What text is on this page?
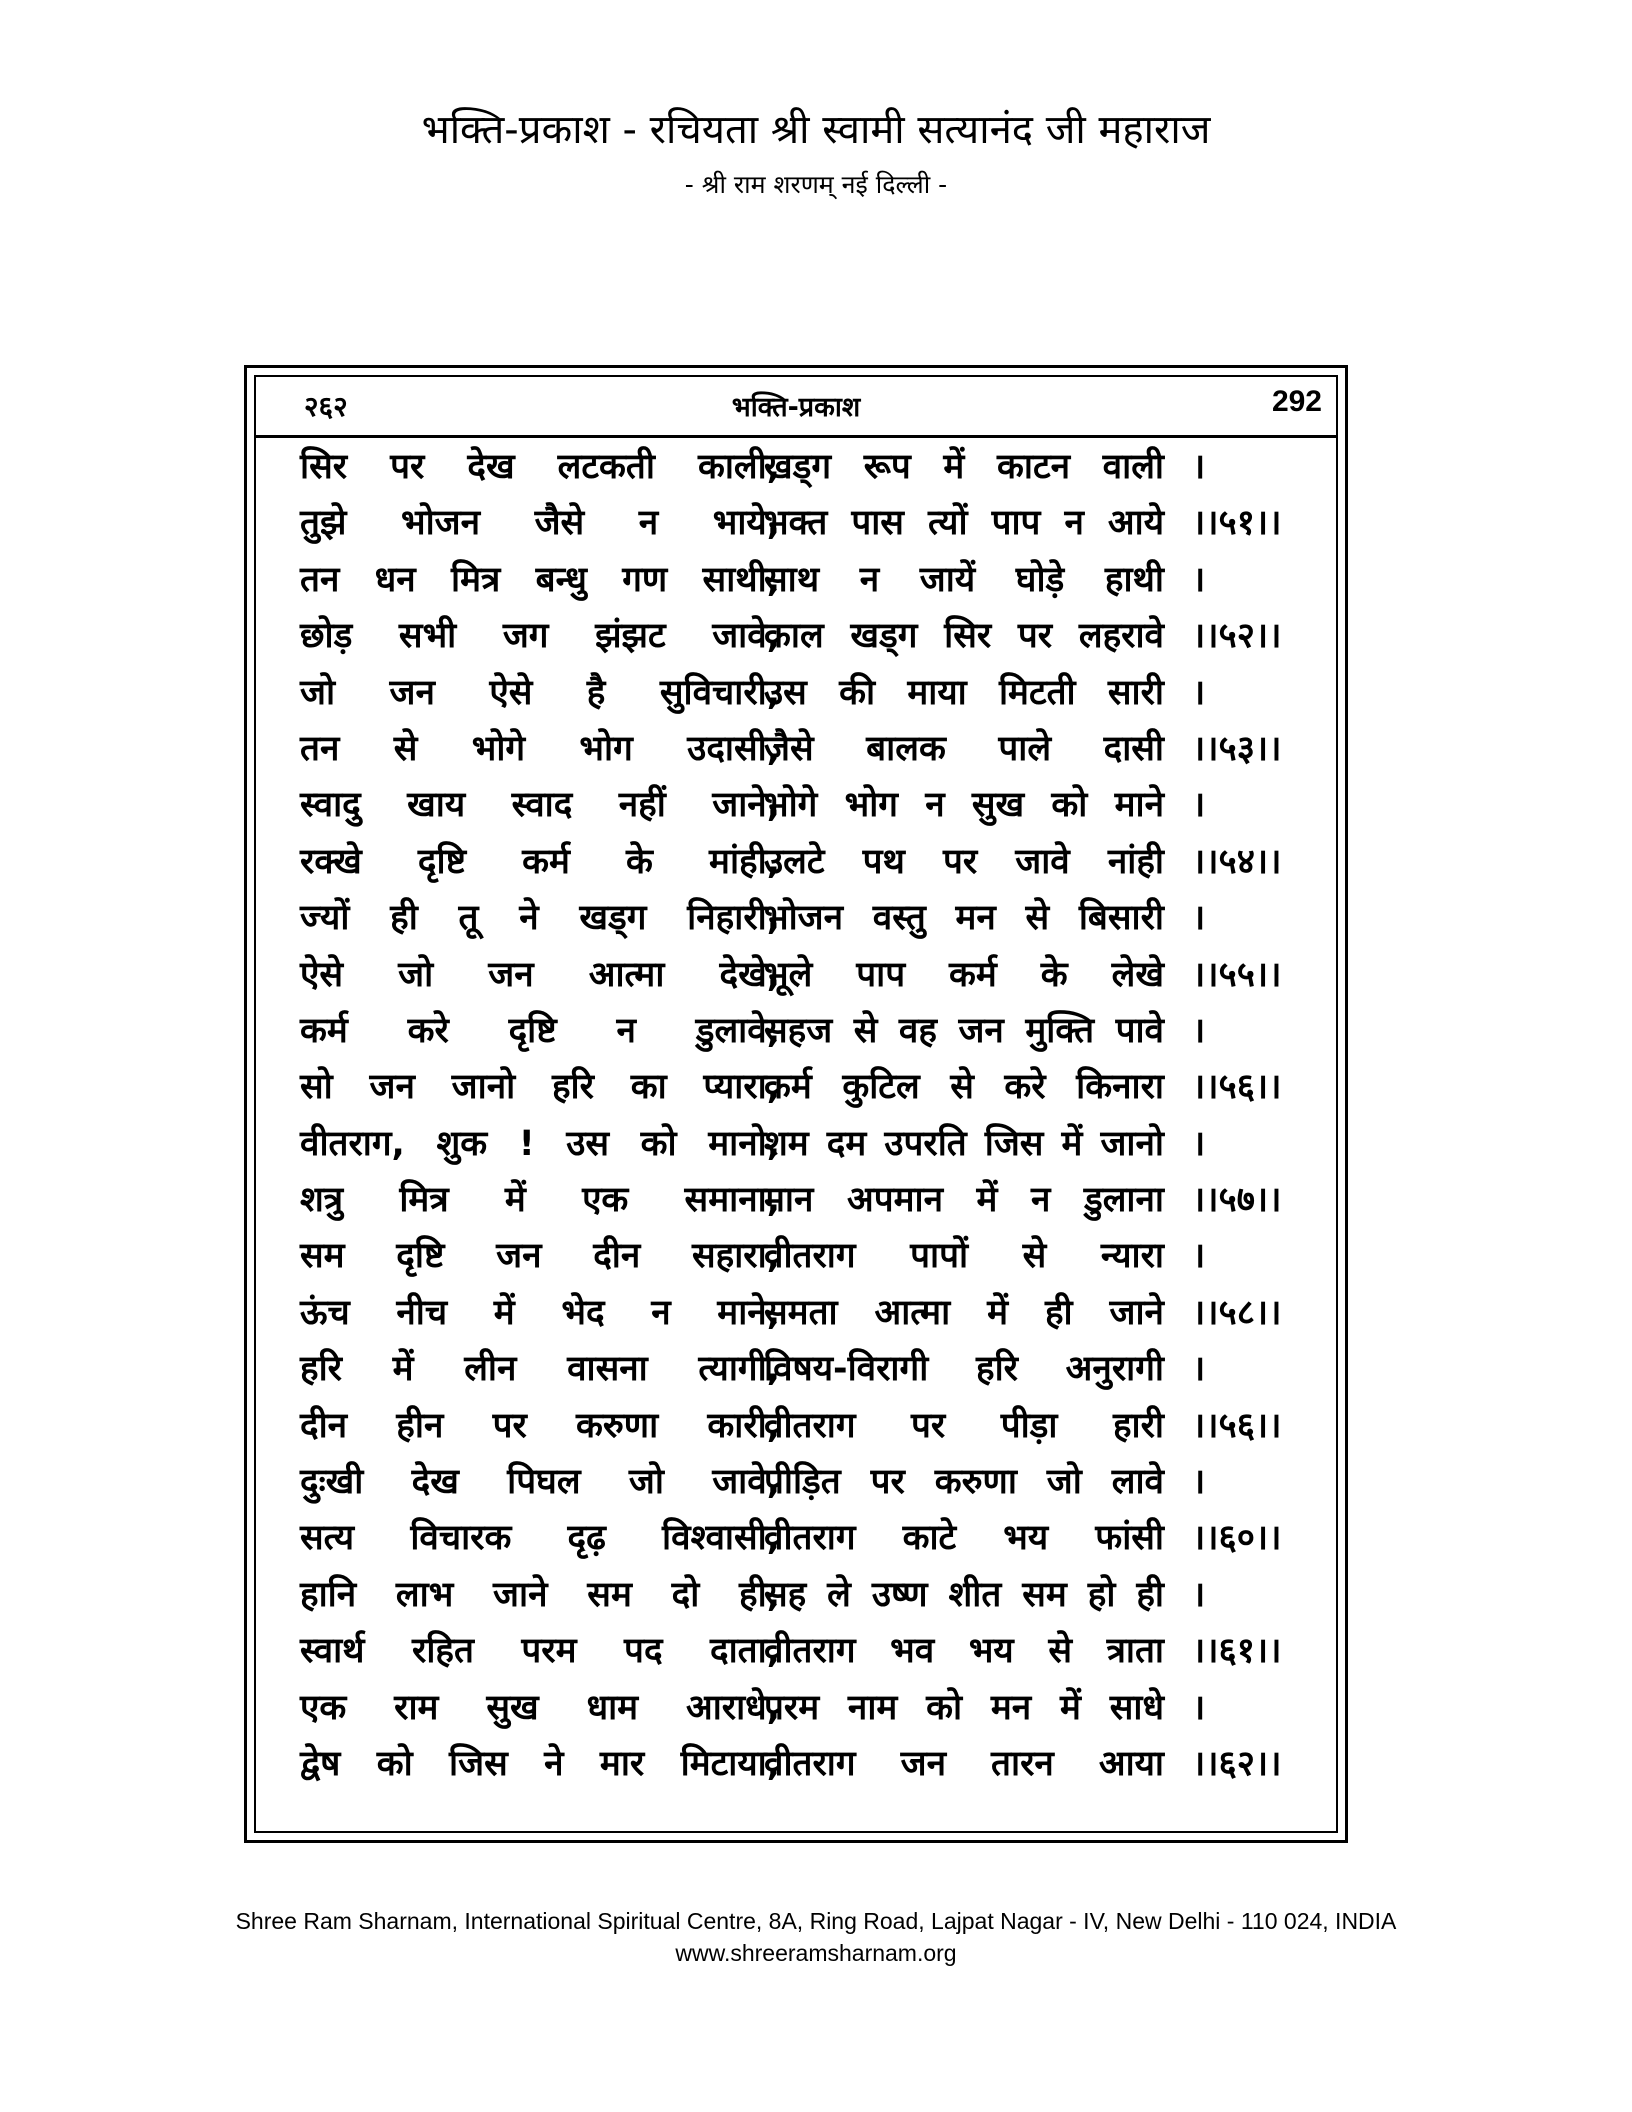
भक्ति-प्रकाश - रचियता श्री स्वामी सत्यानंद जी महाराज
- श्री राम शरणम् नई दिल्ली -
२६२	भक्ति-प्रकाश	292
सिर पर देख लटकती काली,
खड्ग रूप में काटन वाली ।
तुझे भोजन जैसे न भाये,
भक्त पास त्यों पाप न आये ।।५१।।
तन धन मित्र बन्धु गण साथी,
साथ न जायें घोड़े हाथी ।
छोड़ सभी जग झंझट जावे,
काल खड्ग सिर पर लहरावे ।।५२।।
जो जन ऐसे है सुविचारी,
उस की माया मिटती सारी ।
तन से भोगे भोग उदासी,
जैसे बालक पाले दासी ।।५३।।
स्वादु खाय स्वाद नहीं जाने,
भोगे भोग न सुख को माने ।
रक्खे दृष्टि कर्म के मांही,
उलटे पथ पर जावे नांही ।।५४।।
ज्यों ही तू ने खड्ग निहारी,
भोजन वस्तु मन से बिसारी ।
ऐसे जो जन आत्मा देखे,
भूले पाप कर्म के लेखे ।।५५।।
कर्म करे दृष्टि न डुलावे,
सहज से वह जन मुक्ति पावे ।
सो जन जानो हरि का प्यारा,
कर्म कुटिल से करे किनारा ।।५६।।
वीतराग, शुक ! उस को मानो,
शम दम उपरति जिस में जानो ।
शत्रु मित्र में एक समाना,
मान अपमान में न डुलाना ।।५७।।
सम दृष्टि जन दीन सहारा,
वीतराग पापों से न्यारा ।
ऊंच नीच में भेद न माने,
समता आत्मा में ही जाने ।।५८।।
हरि में लीन वासना त्यागी,
विषय-विरागी हरि अनुरागी ।
दीन हीन पर करुणा कारी,
वीतराग पर पीड़ा हारी ।।५६।।
दुःखी देख पिघल जो जावे,
पीड़ित पर करुणा जो लावे ।
सत्य विचारक दृढ़ विश्वासी,
वीतराग काटे भय फांसी ।।६०।।
हानि लाभ जाने सम दो ही,
सह ले उष्ण शीत सम हो ही ।
स्वार्थ रहित परम पद दाता,
वीतराग भव भय से त्राता ।।६१।।
एक राम सुख धाम आराधे,
परम नाम को मन में साधे ।
द्वेष को जिस ने मार मिटाया,
वीतराग जन तारन आया ।।६२।।
Shree Ram Sharnam, International Spiritual Centre, 8A, Ring Road, Lajpat Nagar - IV, New Delhi - 110 024, INDIA
www.shreeramsharnam.org
